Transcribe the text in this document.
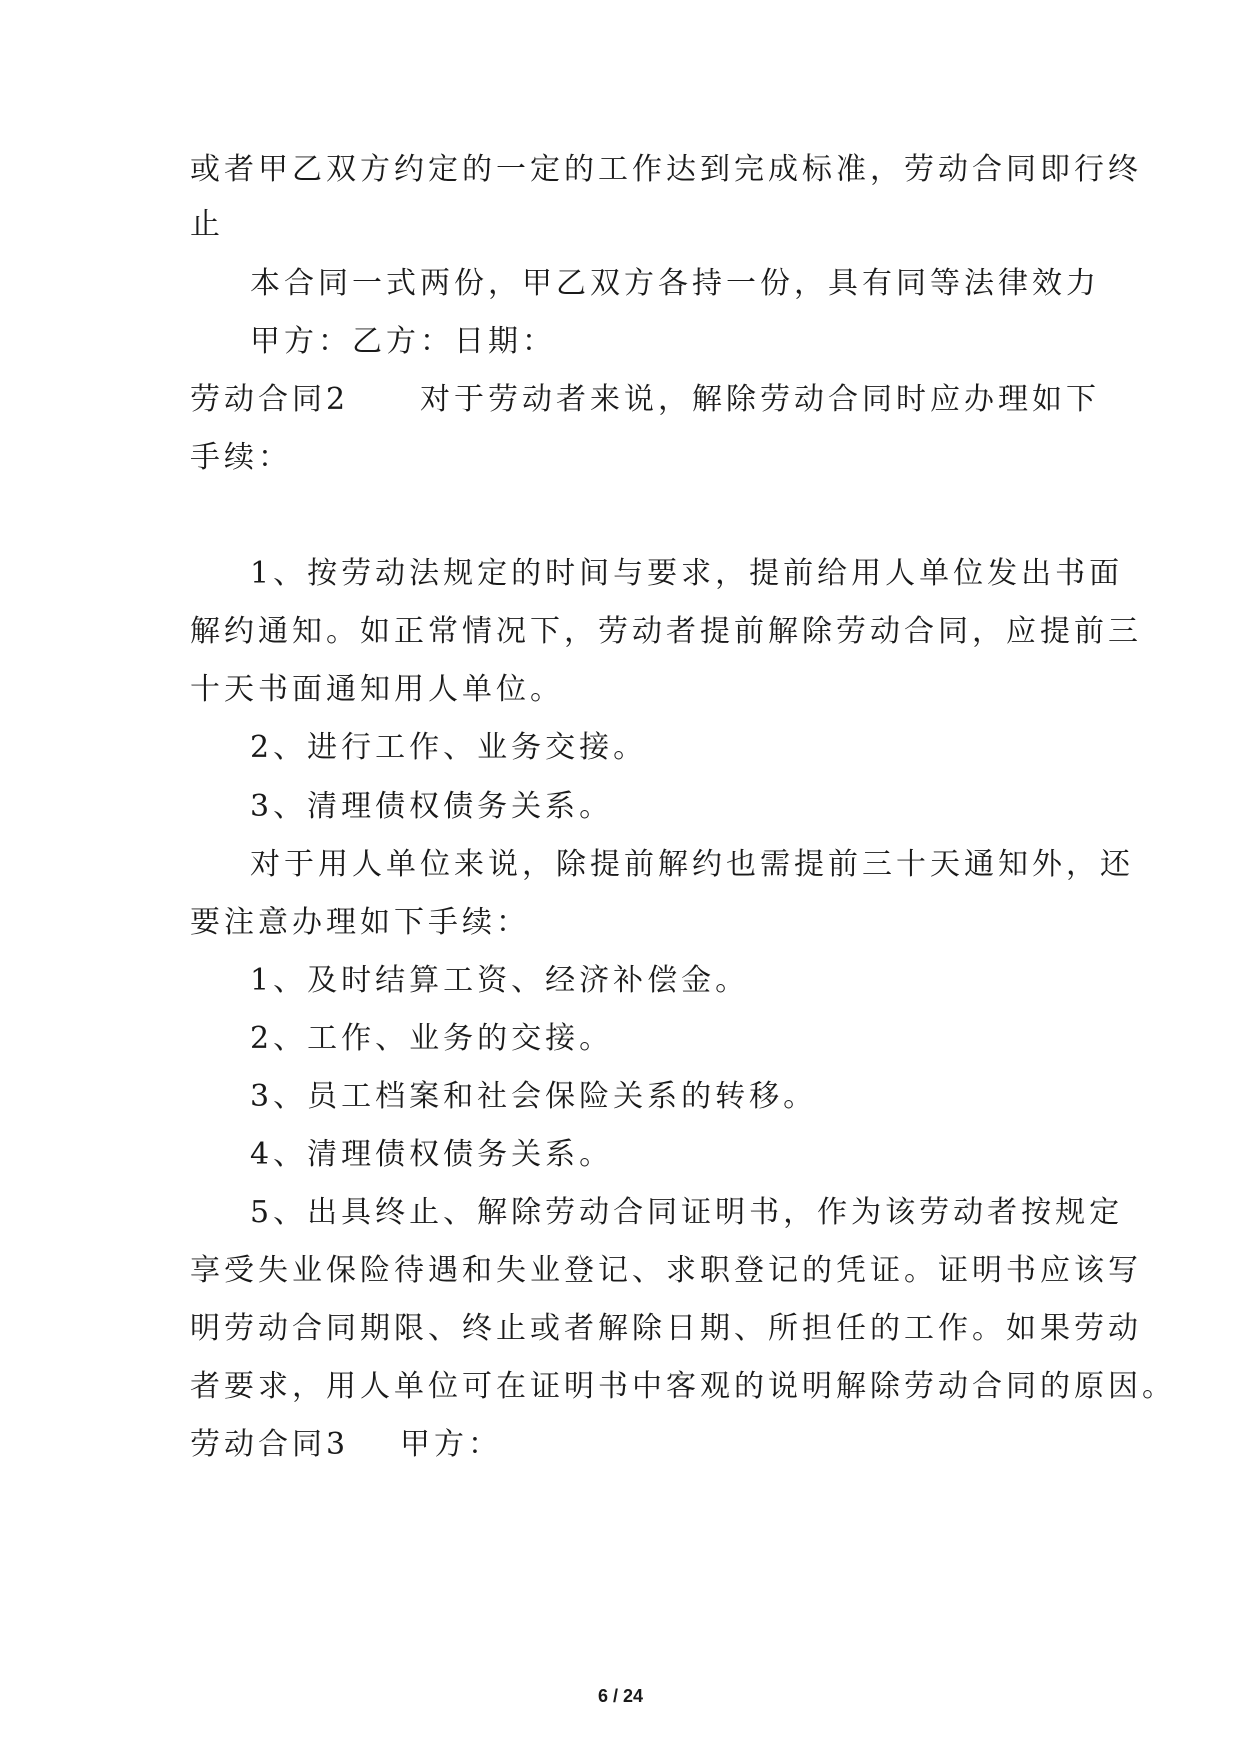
或者甲乙双方约定的一定的工作达到完成标准，劳动合同即行终
止
本合同一式两份，甲乙双方各持一份，具有同等法律效力
甲方：乙方：日期：
劳动合同2 对于劳动者来说，解除劳动合同时应办理如下
手续：
1、按劳动法规定的时间与要求，提前给用人单位发出书面
解约通知。如正常情况下，劳动者提前解除劳动合同，应提前三
十天书面通知用人单位。
2、进行工作、业务交接。
3、清理债权债务关系。
对于用人单位来说，除提前解约也需提前三十天通知外，还
要注意办理如下手续：
1、及时结算工资、经济补偿金。
2、工作、业务的交接。
3、员工档案和社会保险关系的转移。
4、清理债权债务关系。
5、出具终止、解除劳动合同证明书，作为该劳动者按规定
享受失业保险待遇和失业登记、求职登记的凭证。证明书应该写
明劳动合同期限、终止或者解除日期、所担任的工作。如果劳动
者要求，用人单位可在证明书中客观的说明解除劳动合同的原因。
劳动合同3 甲方：
6 / 24
